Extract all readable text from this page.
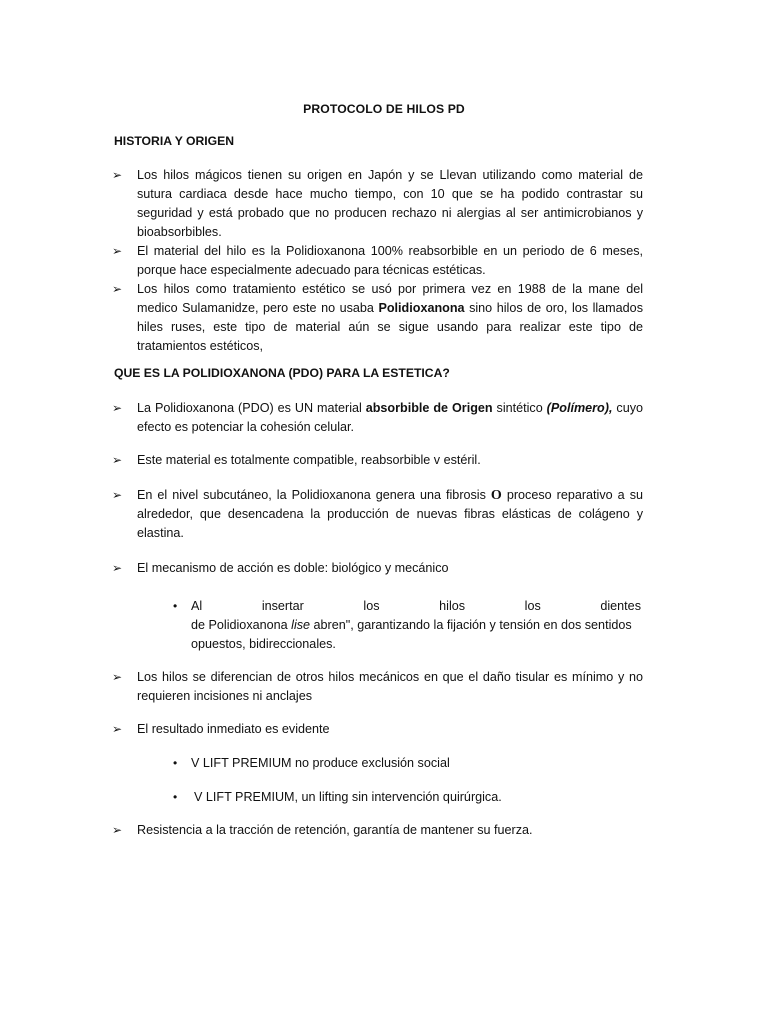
PROTOCOLO DE HILOS PD
HISTORIA Y ORIGEN
➢ Los hilos mágicos tienen su origen en Japón y se Llevan utilizando como material de sutura cardiaca desde hace mucho tiempo, con 10 que se ha podido contrastar su seguridad y está probado que no producen rechazo ni alergias al ser antimicrobianos y bioabsorbibles.
➢ El material del hilo es la Polidioxanona 100% reabsorbible en un periodo de 6 meses, porque hace especialmente adecuado para técnicas estéticas.
➢ Los hilos como tratamiento estético se usó por primera vez en 1988 de la mane del medico Sulamanidze, pero este no usaba Polidioxanona sino hilos de oro, los llamados hiles ruses, este tipo de material aún se sigue usando para realizar este tipo de tratamientos estéticos,
QUE ES LA POLIDIOXANONA (PDO) PARA LA ESTETICA?
➢ La Polidioxanona (PDO) es UN material absorbible de Origen sintético (Polímero), cuyo efecto es potenciar la cohesión celular.
➢ Este material es totalmente compatible, reabsorbible v estéril.
➢ En el nivel subcutáneo, la Polidioxanona genera una fibrosis O proceso reparativo a su alrededor, que desencadena la producción de nuevas fibras elásticas de colágeno y elastina.
➢ El mecanismo de acción es doble: biológico y mecánico
• Al	insertar	los	hilos	los	dientes
de Polidioxanona lise abren", garantizando la fijación y tensión en dos sentidos opuestos, bidireccionales.
➢ Los hilos se diferencian de otros hilos mecánicos en que el daño tisular es mínimo y no requieren incisiones ni anclajes
➢ El resultado inmediato es evidente
• V LIFT PREMIUM no produce exclusión social
• V LIFT PREMIUM, un lifting sin intervención quirúrgica.
➢ Resistencia a la tracción de retención, garantía de mantener su fuerza.
